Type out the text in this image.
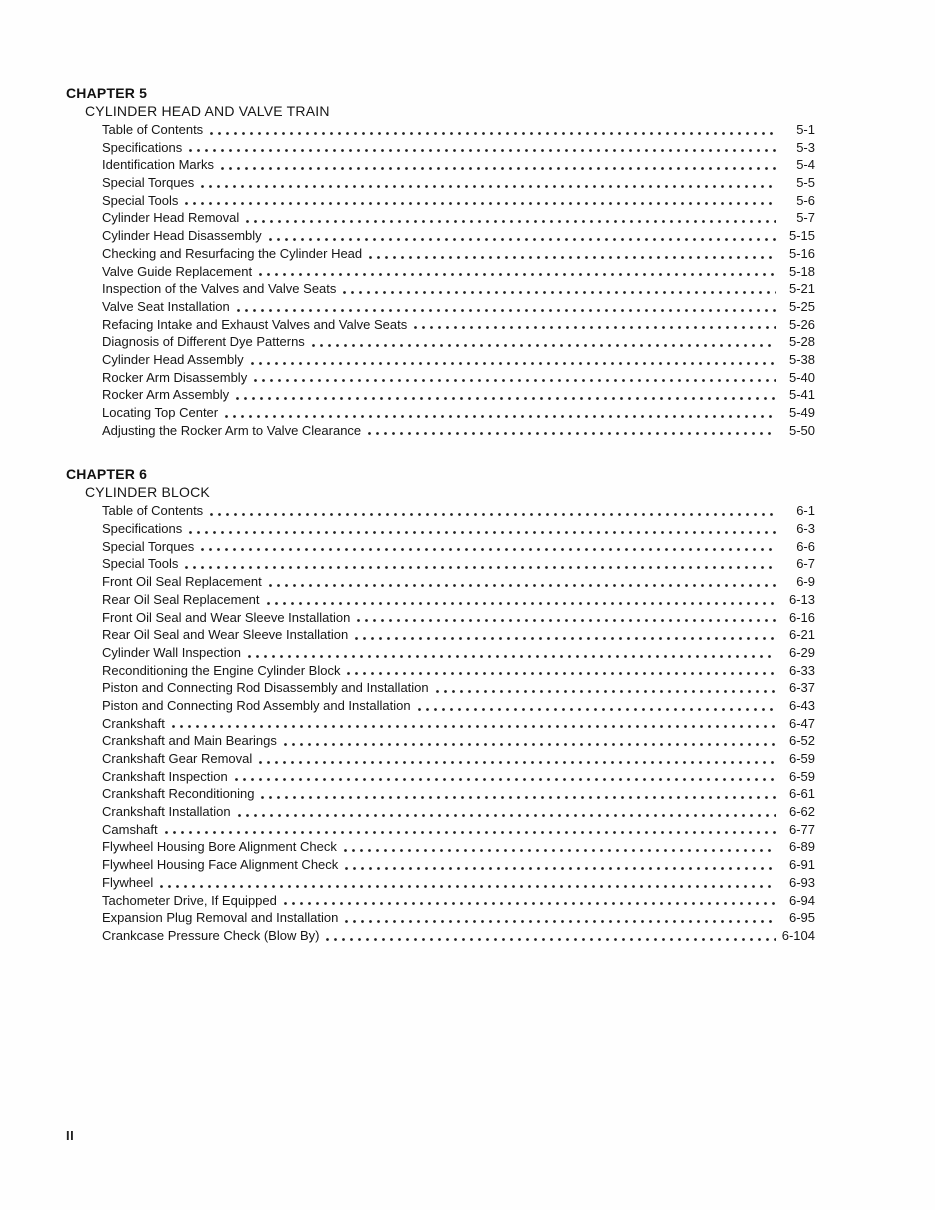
CHAPTER 5
CYLINDER HEAD AND VALVE TRAIN
Table of Contents	5-1
Specifications	5-3
Identification Marks	5-4
Special Torques	5-5
Special Tools	5-6
Cylinder Head Removal	5-7
Cylinder Head Disassembly	5-15
Checking and Resurfacing the Cylinder Head	5-16
Valve Guide Replacement	5-18
Inspection of the Valves and Valve Seats	5-21
Valve Seat Installation	5-25
Refacing Intake and Exhaust Valves and Valve Seats	5-26
Diagnosis of Different Dye Patterns	5-28
Cylinder Head Assembly	5-38
Rocker Arm Disassembly	5-40
Rocker Arm Assembly	5-41
Locating Top Center	5-49
Adjusting the Rocker Arm to Valve Clearance	5-50
CHAPTER 6
CYLINDER BLOCK
Table of Contents	6-1
Specifications	6-3
Special Torques	6-6
Special Tools	6-7
Front Oil Seal Replacement	6-9
Rear Oil Seal Replacement	6-13
Front Oil Seal and Wear Sleeve Installation	6-16
Rear Oil Seal and Wear Sleeve Installation	6-21
Cylinder Wall Inspection	6-29
Reconditioning the Engine Cylinder Block	6-33
Piston and Connecting Rod Disassembly and Installation	6-37
Piston and Connecting Rod Assembly and Installation	6-43
Crankshaft	6-47
Crankshaft and Main Bearings	6-52
Crankshaft Gear Removal	6-59
Crankshaft Inspection	6-59
Crankshaft Reconditioning	6-61
Crankshaft Installation	6-62
Camshaft	6-77
Flywheel Housing Bore Alignment Check	6-89
Flywheel Housing Face Alignment Check	6-91
Flywheel	6-93
Tachometer Drive, If Equipped	6-94
Expansion Plug Removal and Installation	6-95
Crankcase Pressure Check (Blow By)	6-104
II
